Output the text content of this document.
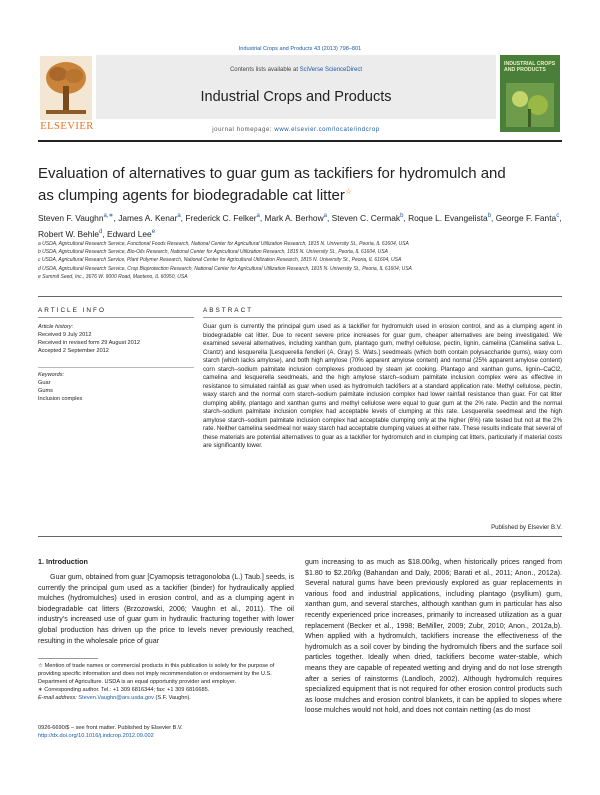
Industrial Crops and Products 43 (2013) 798–801
ELSEVIER
Contents lists available at SciVerse ScienceDirect
Industrial Crops and Products
journal homepage: www.elsevier.com/locate/indcrop
INDUSTRIAL CROPS AND PRODUCTS
Evaluation of alternatives to guar gum as tackifiers for hydromulch and as clumping agents for biodegradable cat litter☆
Steven F. Vaughn$^{a,∗}$, James A. Kenar$^a$, Frederick C. Felker$^a$, Mark A. Berhow$^a$, Steven C. Cermak$^b$, Roque L. Evangelista$^b$, George F. Fanta$^c$, Robert W. Behle$^d$, Edward Lee$^e$
a USDA, Agricultural Research Service, Functional Foods Research, National Center for Agricultural Utilization Research, 1815 N. University St., Peoria, IL 61604, USA
b USDA, Agricultural Research Service, Bio-Oils Research, National Center for Agricultural Utilization Research, 1815 N. University St., Peoria, IL 61604, USA
c USDA, Agricultural Research Service, Plant Polymer Research, National Center for Agricultural Utilization Research, 1815 N. University St., Peoria, IL 61604, USA
d USDA, Agricultural Research Service, Crop Bioprotection Research, National Center for Agricultural Utilization Research, 1815 N. University St., Peoria, IL 61604, USA
e Summit Seed, Inc., 3676 W. 9000 Road, Manteno, IL 60950, USA
ARTICLE INFO	ABSTRACT
Article history:
Received 9 July 2012
Received in revised form 29 August 2012
Accepted 2 September 2012
Keywords:
Guar
Gums
Inclusion complex
Guar gum is currently the principal gum used as a tackifier for hydromulch used in erosion control, and as a clumping agent in biodegradable cat litter. Due to recent severe price increases for guar gum, cheaper alternatives are being investigated. We examined several alternatives, including xanthan gum, plantago gum, methyl cellulose, pectin, lignin, camelina (Camelina sativa L. Crantz) and lesquerella [Lesquerella fendleri (A. Gray) S. Wats.] seedmeals (which both contain polysaccharide gums), waxy corn starch (which lacks amylose), and both high amylose (70% apparent amylose content) and normal (25% apparent amylose content) corn starch–sodium palmitate inclusion complexes produced by steam jet cooking. Plantago and xanthan gums, lignin–CaCl2, camelina and lesquerella seedmeals, and the high amylose starch–sodium palmitate inclusion complex were as effective in resistance to simulated rainfall as guar when used as hydromulch tackifiers at a standard application rate. Methyl cellulose, pectin, waxy starch and the normal corn starch–sodium palmitate inclusion complex had lower rainfall resistance than guar. For cat litter clumping ability, plantago and xanthan gums and methyl cellulose were equal to guar gum at the 2% rate. Pectin and the normal starch–sodium palmitate inclusion complex had acceptable levels of clumping at this rate. Lesquerella seedmeal and the high amylose starch–sodium palmitate inclusion complex had acceptable clumping only at the higher (6%) rate tested but not at the 2% rate. Neither camelina seedmeal nor waxy starch had acceptable clumping values at either rate. These results indicate that several of these materials are potential alternatives to guar as a tackifier for hydromulch and in clumping cat litters, particularly if material costs are significantly lower.
Published by Elsevier B.V.
1. Introduction
Guar gum, obtained from guar [Cyamopsis tetragonoloba (L.) Taub.] seeds, is currently the principal gum used as a tackifier (binder) for hydraulically applied mulches (hydromulches) used in erosion control, and as a clumping agent in biodegradable cat litters (Brzozowski, 2006; Vaughn et al., 2011). The oil industry's increased use of guar gum in hydraulic fracturing together with lower global production has driven up the price to levels never previously reached, resulting in the wholesale price of guar
gum increasing to as much as $18.00/kg, when historically prices ranged from $1.80 to $2.20/kg (Bahandan and Daly, 2006; Barati et al., 2011; Anon., 2012a). Several natural gums have been previously explored as guar replacements in various food and industrial applications, including plantago (psyllium) gum, xanthan gum, and several starches, although xanthan gum in particular has also recently experienced price increases, primarily to increased utilization as a guar replacement (Becker et al., 1998; BeMiller, 2009; Zubr, 2010; Anon., 2012a,b). When applied with a hydromulch, tackifiers increase the effectiveness of the hydromulch as a soil cover by binding the hydromulch fibers and the surface soil particles together. Ideally when dried, tackifiers become water-stable, which means they are capable of repeated wetting and drying and do not lose strength after a series of rainstorms (Landloch, 2002). Although hydromulch requires specialized equipment that is not required for other erosion control products such as loose mulches and erosion control blankets, it can be applied to slopes where loose mulches would not hold, and does not contain netting (as do most
☆ Mention of trade names or commercial products in this publication is solely for the purpose of providing specific information and does not imply recommendation or endorsement by the U.S. Department of Agriculture. USDA is an equal opportunity provider and employer.
∗ Corresponding author. Tel.: +1 309 6816344; fax: +1 309 6816685.
E-mail address: Steven.Vaughn@ars.usda.gov (S.F. Vaughn).
0926-6690/$ – see front matter. Published by Elsevier B.V.
http://dx.doi.org/10.1016/j.indcrop.2012.09.002
